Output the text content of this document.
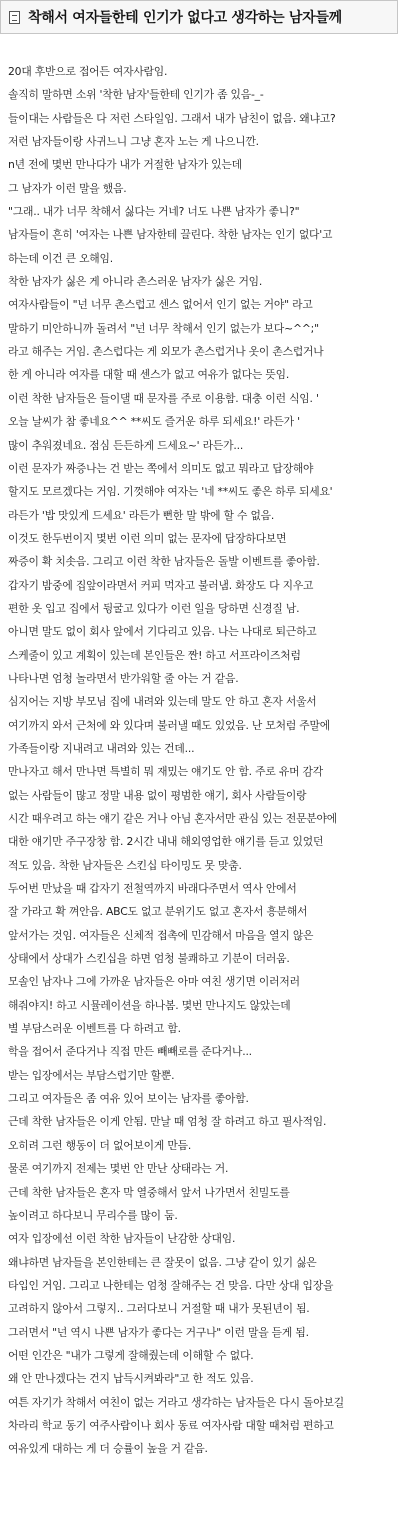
착해서 여자들한테 인기가 없다고 생각하는 남자들께
20대 후반으로 접어든 여자사람임.
솔직히 말하면 소위 '착한 남자'들한테 인기가 좀 있음-_-
들이대는 사람들은 다 저런 스타일임. 그래서 내가 남친이 없음. 왜냐고?
저런 남자들이랑 사귀느니 그냥 혼자 노는 게 나으니깐.
n년 전에 몇번 만나다가 내가 거절한 남자가 있는데
그 남자가 이런 말을 했음.
"그래.. 내가 너무 착해서 싫다는 거네? 너도 나쁜 남자가 좋니?"
남자들이 흔히 '여자는 나쁜 남자한테 끌린다. 착한 남자는 인기 없다'고
하는데 이건 큰 오해임.
착한 남자가 싫은 게 아니라 촌스러운 남자가 싫은 거임.
여자사람들이 "넌 너무 촌스럽고 센스 없어서 인기 없는 거야" 라고
말하기 미안하니까 돌려서 "넌 너무 착해서 인기 없는가 보다~^^;"
라고 해주는 거임. 촌스럽다는 게 외모가 촌스럽거나 옷이 촌스럽거나
한 게 아니라 여자를 대할 때 센스가 없고 여유가 없다는 뜻임.
이런 착한 남자들은 들이댈 때 문자를 주로 이용함. 대충 이런 식임. '
오늘 날씨가 참 좋네요^^ **씨도 즐거운 하루 되세요!' 라든가 '
많이 추워졌네요. 점심 든든하게 드세요~' 라든가...
이런 문자가 짜증나는 건 받는 쪽에서 의미도 없고 뭐라고 답장해야
할지도 모르겠다는 거임. 기껏해야 여자는 '네 **씨도 좋은 하루 되세요'
라든가 '밥 맛있게 드세요' 라든가 뻔한 말 밖에 할 수 없음.
이것도 한두번이지 몇번 이런 의미 없는 문자에 답장하다보면
짜증이 확 치솟음. 그리고 이런 착한 남자들은 돌발 이벤트를 좋아함.
갑자기 밤중에 집앞이라면서 커피 먹자고 불러냄. 화장도 다 지우고
편한 옷 입고 집에서 뒹굴고 있다가 이런 일을 당하면 신경질 남.
아니면 말도 없이 회사 앞에서 기다리고 있음. 나는 나대로 퇴근하고
스케줄이 있고 계획이 있는데 본인들은 짠! 하고 서프라이즈처럼
나타나면 엄청 놀라면서 반가워할 줄 아는 거 같음.
심지어는 지방 부모님 집에 내려와 있는데 말도 안 하고 혼자 서울서
여기까지 와서 근처에 와 있다며 불러낼 때도 있었음. 난 모처럼 주말에
가족들이랑 지내려고 내려와 있는 건데...
만나자고 해서 만나면 특별히 뭐 재밌는 얘기도 안 함. 주로 유머 감각
없는 사람들이 많고 정말 내용 없이 평범한 얘기, 회사 사람들이랑
시간 때우려고 하는 얘기 같은 거나 아님 혼자서만 관심 있는 전문분야에
대한 얘기만 주구장창 함. 2시간 내내 해외영업한 얘기를 듣고 있었던
적도 있음. 착한 남자들은 스킨십 타이밍도 못 맞춤.
두어번 만났을 때 갑자기 전철역까지 바래다주면서 역사 안에서
잘 가라고 확 껴안음. ABC도 없고 분위기도 없고 혼자서 흥분해서
앞서가는 것임. 여자들은 신체적 접촉에 민감해서 마음을 열지 않은
상태에서 상대가 스킨십을 하면 엄청 불쾌하고 기분이 더러움.
모솔인 남자나 그에 가까운 남자들은 아마 여친 생기면 이러저러
해줘야지! 하고 시뮬레이션을 하나봄. 몇번 만나지도 않았는데
별 부담스러운 이벤트를 다 하려고 함.
학을 접어서 준다거나 직접 만든 빼빼로를 준다거나...
받는 입장에서는 부담스럽기만 할뿐.
그리고 여자들은 좀 여유 있어 보이는 남자를 좋아함.
근데 착한 남자들은 이게 안됨. 만날 때 엄청 잘 하려고 하고 필사적임.
오히려 그런 행동이 더 없어보이게 만듬.
물론 여기까지 전제는 몇번 안 만난 상태라는 거.
근데 착한 남자들은 혼자 막 열중해서 앞서 나가면서 친밀도를
높이려고 하다보니 무리수를 많이 둠.
여자 입장에선 이런 착한 남자들이 난감한 상대임.
왜냐하면 남자들을 본인한테는 큰 잘못이 없음. 그냥 같이 있기 싫은
타입인 거임. 그리고 나한테는 엄청 잘해주는 건 맞음. 다만 상대 입장을
고려하지 않아서 그렇지.. 그러다보니 거절할 때 내가 못된년이 됨.
그러면서 "넌 역시 나쁜 남자가 좋다는 거구나" 이런 말을 듣게 됨.
어떤 인간은 "내가 그렇게 잘해줬는데 이해할 수 없다.
왜 안 만나겠다는 건지 납득시켜봐라"고 한 적도 있음.
여튼 자기가 착해서 여친이 없는 거라고 생각하는 남자들은 다시 돌아보길
차라리 학교 동기 여주사람이나 회사 동료 여자사람 대할 때처럼 편하고
여유있게 대하는 게 더 승률이 높을 거 같음.
